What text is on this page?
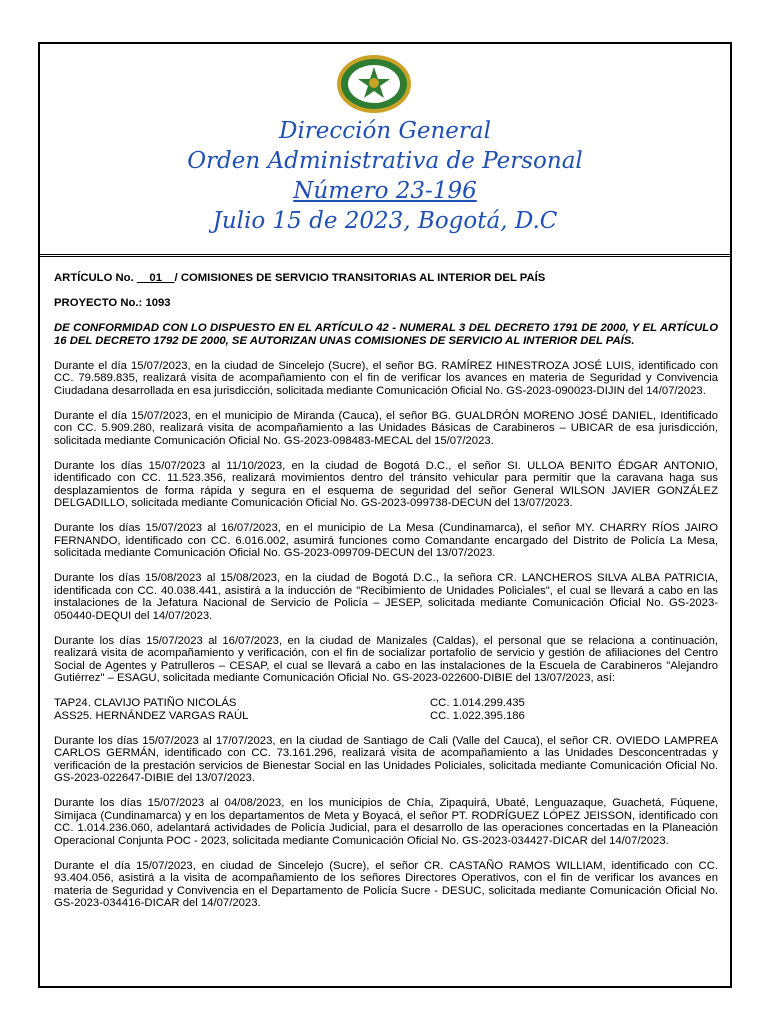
Dirección General
Orden Administrativa de Personal
Número 23-196
Julio 15 de 2023, Bogotá, D.C

ARTÍCULO No. 01 / COMISIONES DE SERVICIO TRANSITORIAS AL INTERIOR DEL PAÍS

PROYECTO No.: 1093

DE CONFORMIDAD CON LO DISPUESTO EN EL ARTÍCULO 42 - NUMERAL 3 DEL DECRETO 1791 DE 2000, Y EL ARTÍCULO 16 DEL DECRETO 1792 DE 2000, SE AUTORIZAN UNAS COMISIONES DE SERVICIO AL INTERIOR DEL PAÍS.

Durante el día 15/07/2023, en la ciudad de Sincelejo (Sucre), el señor BG. RAMÍREZ HINESTROZA JOSÉ LUIS, identificado con CC. 79.589.835, realizará visita de acompañamiento con el fin de verificar los avances en materia de Seguridad y Convivencia Ciudadana desarrollada en esa jurisdicción, solicitada mediante Comunicación Oficial No. GS-2023-090023-DIJIN del 14/07/2023.

Durante el día 15/07/2023, en el municipio de Miranda (Cauca), el señor BG. GUALDRÓN MORENO JOSÉ DANIEL, Identificado con CC. 5.909.280, realizará visita de acompañamiento a las Unidades Básicas de Carabineros – UBICAR de esa jurisdicción, solicitada mediante Comunicación Oficial No. GS-2023-098483-MECAL del 15/07/2023.

Durante los días 15/07/2023 al 11/10/2023, en la ciudad de Bogotá D.C., el señor SI. ULLOA BENITO ÉDGAR ANTONIO, identificado con CC. 11.523.356, realizará movimientos dentro del tránsito vehicular para permitir que la caravana haga sus desplazamientos de forma rápida y segura en el esquema de seguridad del señor General WILSON JAVIER GONZÁLEZ DELGADILLO, solicitada mediante Comunicación Oficial No. GS-2023-099738-DECUN del 13/07/2023.

Durante los días 15/07/2023 al 16/07/2023, en el municipio de La Mesa (Cundinamarca), el señor MY. CHARRY RÍOS JAIRO FERNANDO, identificado con CC. 6.016.002, asumirá funciones como Comandante encargado del Distrito de Policía La Mesa, solicitada mediante Comunicación Oficial No. GS-2023-099709-DECUN del 13/07/2023.

Durante los días 15/08/2023 al 15/08/2023, en la ciudad de Bogotá D.C., la señora CR. LANCHEROS SILVA ALBA PATRICIA, identificada con CC. 40.038.441, asistirá a la inducción de "Recibimiento de Unidades Policiales", el cual se llevará a cabo en las instalaciones de la Jefatura Nacional de Servicio de Policía – JESEP, solicitada mediante Comunicación Oficial No. GS-2023-050440-DEQUI del 14/07/2023.

Durante los días 15/07/2023 al 16/07/2023, en la ciudad de Manizales (Caldas), el personal que se relaciona a continuación, realizará visita de acompañamiento y verificación, con el fin de socializar portafolio de servicio y gestión de afiliaciones del Centro Social de Agentes y Patrulleros – CESAP, el cual se llevará a cabo en las instalaciones de la Escuela de Carabineros "Alejandro Gutiérrez" – ESAGU, solicitada mediante Comunicación Oficial No. GS-2023-022600-DIBIE del 13/07/2023, así:

TAP24. CLAVIJO PATIÑO NICOLÁS	CC. 1.014.299.435
ASS25. HERNÁNDEZ VARGAS RAÚL	CC. 1.022.395.186

Durante los días 15/07/2023 al 17/07/2023, en la ciudad de Santiago de Cali (Valle del Cauca), el señor CR. OVIEDO LAMPREA CARLOS GERMÁN, identificado con CC. 73.161.296, realizará visita de acompañamiento a las Unidades Desconcentradas y verificación de la prestación servicios de Bienestar Social en las Unidades Policiales, solicitada mediante Comunicación Oficial No. GS-2023-022647-DIBIE del 13/07/2023.

Durante los días 15/07/2023 al 04/08/2023, en los municipios de Chía, Zipaquirá, Ubaté, Lenguazaque, Guachetá, Fúquene, Simijaca (Cundinamarca) y en los departamentos de Meta y Boyacá, el señor PT. RODRÍGUEZ LÓPEZ JEISSON, identificado con CC. 1.014.236.060, adelantará actividades de Policía Judicial, para el desarrollo de las operaciones concertadas en la Planeación Operacional Conjunta POC - 2023, solicitada mediante Comunicación Oficial No. GS-2023-034427-DICAR del 14/07/2023.

Durante el día 15/07/2023, en ciudad de Sincelejo (Sucre), el señor CR. CASTAÑO RAMOS WILLIAM, identificado con CC. 93.404.056, asistirá a la visita de acompañamiento de los señores Directores Operativos, con el fin de verificar los avances en materia de Seguridad y Convivencia en el Departamento de Policía Sucre - DESUC, solicitada mediante Comunicación Oficial No. GS-2023-034416-DICAR del 14/07/2023.
